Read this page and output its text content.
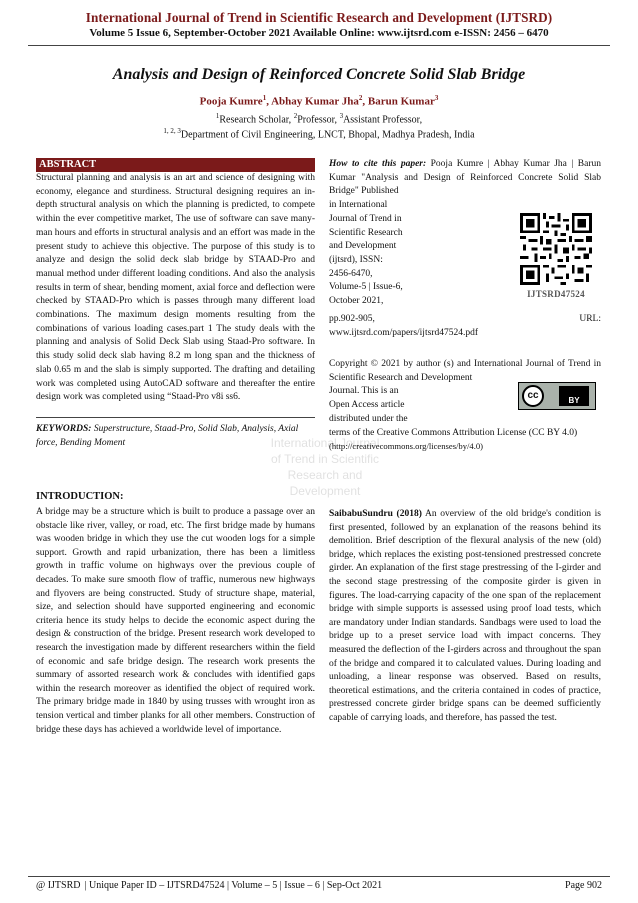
International Journal of Trend in Scientific Research and Development (IJTSRD)
Volume 5 Issue 6, September-October 2021 Available Online: www.ijtsrd.com e-ISSN: 2456 – 6470
Analysis and Design of Reinforced Concrete Solid Slab Bridge
Pooja Kumre$^1$, Abhay Kumar Jha$^2$, Barun Kumar$^3$
$^1$Research Scholar, $^2$Professor, $^3$Assistant Professor,
$^{1, 2, 3}$Department of Civil Engineering, LNCT, Bhopal, Madhya Pradesh, India
ABSTRACT
Structural planning and analysis is an art and science of designing with economy, elegance and sturdiness. Structural designing requires an in-depth structural analysis on which the planning is predicted, to compete within the ever competitive market, The use of software can save many-man hours and efforts in structural analysis and an effort was made in the present study to achieve this objective. The purpose of this study is to analyze and design the solid deck slab bridge by STAAD-Pro and manual method under different loading conditions. And also the analysis results in term of shear, bending moment, axial force and deflection were checked by STAAD-Pro which is passes through many different load combinations. The maximum design moments resulting from the combinations of various loading cases.part 1 The study deals with the planning and analysis of Solid Deck Slab using Staad-Pro software. In this study solid deck slab having 8.2 m long span and the thickness of slab 0.65 m and the slab is simply supported. The drafting and detailing work was completed using AutoCAD software and thereafter the entire design work was completed using “Staad-Pro v8i ss6.
KEYWORDS: Superstructure, Staad-Pro, Solid Slab, Analysis, Axial force, Bending Moment
INTRODUCTION:
A bridge may be a structure which is built to produce a passage over an obstacle like river, valley, or road, etc. The first bridge made by humans was wooden bridge in which they use the cut wooden logs for a simple support. Growth and rapid urbanization, there has been a limitless growth in traffic volume on highways over the previous couple of decades. To make sure smooth flow of traffic, numerous new highways and flyovers are being constructed. Study of structure shape, material, size, and selection should have supported engineering and economic criteria hence its study helps to decide the economic aspect during the design & construction of the bridge. Present research work developed to research the investigation made by different researchers within the field of economic and safe bridge design. The research work presents the summary of assorted research work & concludes with identified gaps within the research moreover as identified the object of required work. The primary bridge made in 1840 by using trusses with wrought iron as tension vertical and timber planks for all other members. Construction of bridge these days has achieved a worldwide level of importance.
International Journal
of Trend in Scientific
Research and
Development
How to cite this paper: Pooja Kumre | Abhay Kumar Jha | Barun Kumar "Analysis and Design of Reinforced Concrete Solid Slab Bridge" Published
in International
Journal of Trend in
Scientific Research
and Development
(ijtsrd), ISSN:
2456-6470,
Volume-5 | Issue-6,
October 2021,
IJTSRD47524
pp.902-905,	URL:
www.ijtsrd.com/papers/ijtsrd47524.pdf
Copyright © 2021 by author (s) and International Journal of Trend in Scientific Research and Development
Journal. This is an
Open Access article
distributed under the
terms of the Creative Commons Attribution License (CC BY 4.0)
(http://creativecommons.org/licenses/by/4.0)
cc	BY
SaibabuSundru (2018) An overview of the old bridge's condition is first presented, followed by an explanation of the reasons behind its demolition. Brief description of the flexural analysis of the new (old) bridge, which replaces the existing post-tensioned prestressed concrete girder. An explanation of the first stage prestressing of the I-girder and the second stage prestressing of the composite girder is given in figures. The load-carrying capacity of the one span of the replacement bridge with simple supports is assessed using proof load tests, which are mandatory under Indian standards. Sandbags were used to load the bridge up to a preset service load with impact concerns. They measured the deflection of the I-girders across and throughout the span of the bridge and compared it to calculated values. During loading and unloading, a linear response was observed. Based on results, theoretical estimations, and the criteria contained in codes of practice, prestressed concrete girder bridge spans can be deemed sufficiently capable of carrying loads, and therefore, has passed the test.
@ IJTSRD | Unique Paper ID – IJTSRD47524 | Volume – 5 | Issue – 6 | Sep-Oct 2021	Page 902
